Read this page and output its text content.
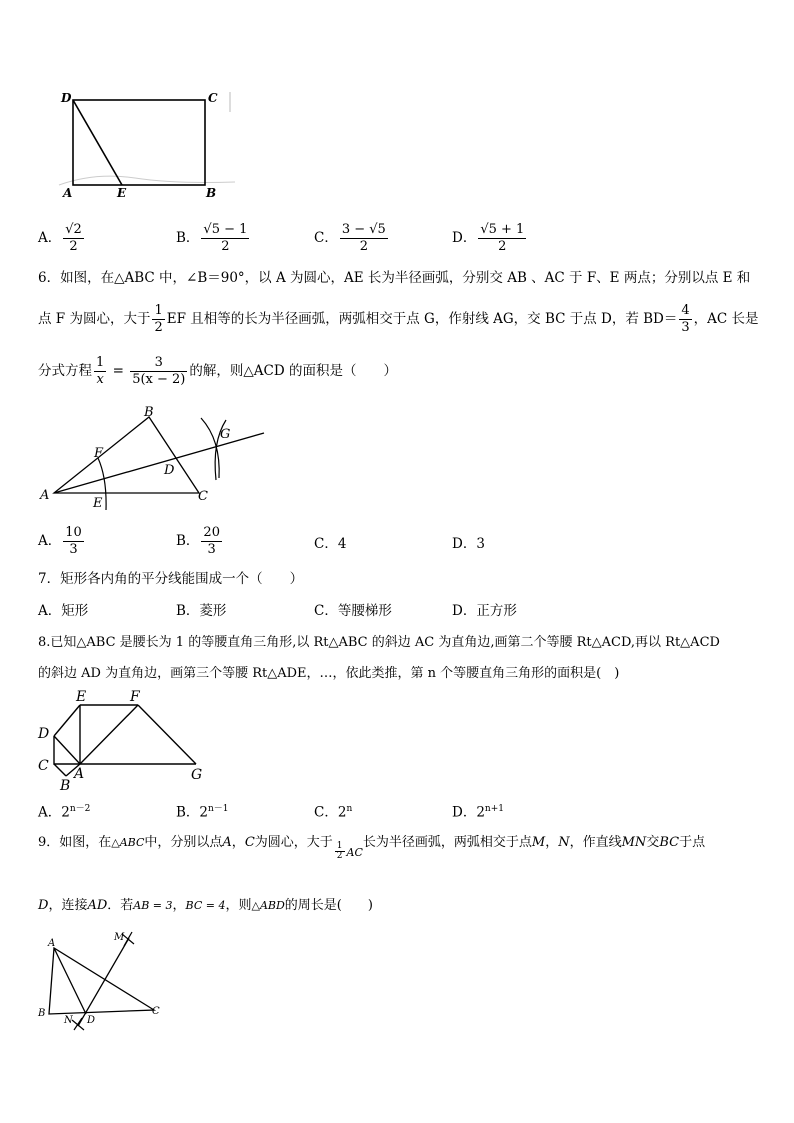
D	C
A	E	B
A． $\frac{√2}{2}$	B． $\frac{√5 - 1}{2}$	C． $\frac{3 - √5}{2}$	D． $\frac{√5 + 1}{2}$
6．如图，在△ABC 中，∠B＝90°，以 A 为圆心，AE 长为半径画弧，分别交 AB 、AC 于 F、E 两点；分别以点 E 和
点 F 为圆心，大于 $\frac{1}{2}$ EF 且相等的长为半径画弧，两弧相交于点 G，作射线 AG，交 BC 于点 D，若 $BD= \frac{4}{3}$ ，AC 长是
分式方程 $\frac{1}{x} = \frac{3}{5(x - 2)}$ 的解，则△ACD 的面积是（　　）
B
G
F
D
A
E	C
A． $\frac{10}{3}$	B． $\frac{20}{3}$	C．4	D．3
7．矩形各内角的平分线能围成一个（　　）
A．矩形	B．菱形	C．等腰梯形	D．正方形
8.已知△ABC 是腰长为 1 的等腰直角三角形,以 Rt△ABC 的斜边 AC 为直角边,画第二个等腰 Rt△ACD,再以 Rt△ACD
的斜边 AD 为直角边，画第三个等腰 Rt△ADE，…，依此类推，第 n 个等腰直角三角形的面积是(　)
E	F
D
C A	G
B
A．$2^{n-2}$	B．$2^{n-1}$	C．2$^n$	D．$2^{n+1}$
9．如图，在△ABC中，分别以点A，C为圆心，大于 $\frac{1}{2} _{AC}$长为半径画弧，两弧相交于点M，N，作直线MN交BC于点
D，连接AD．若AB = 3，BC = 4，则△ABD的周长是(　　)
A
M
B
N D
C
